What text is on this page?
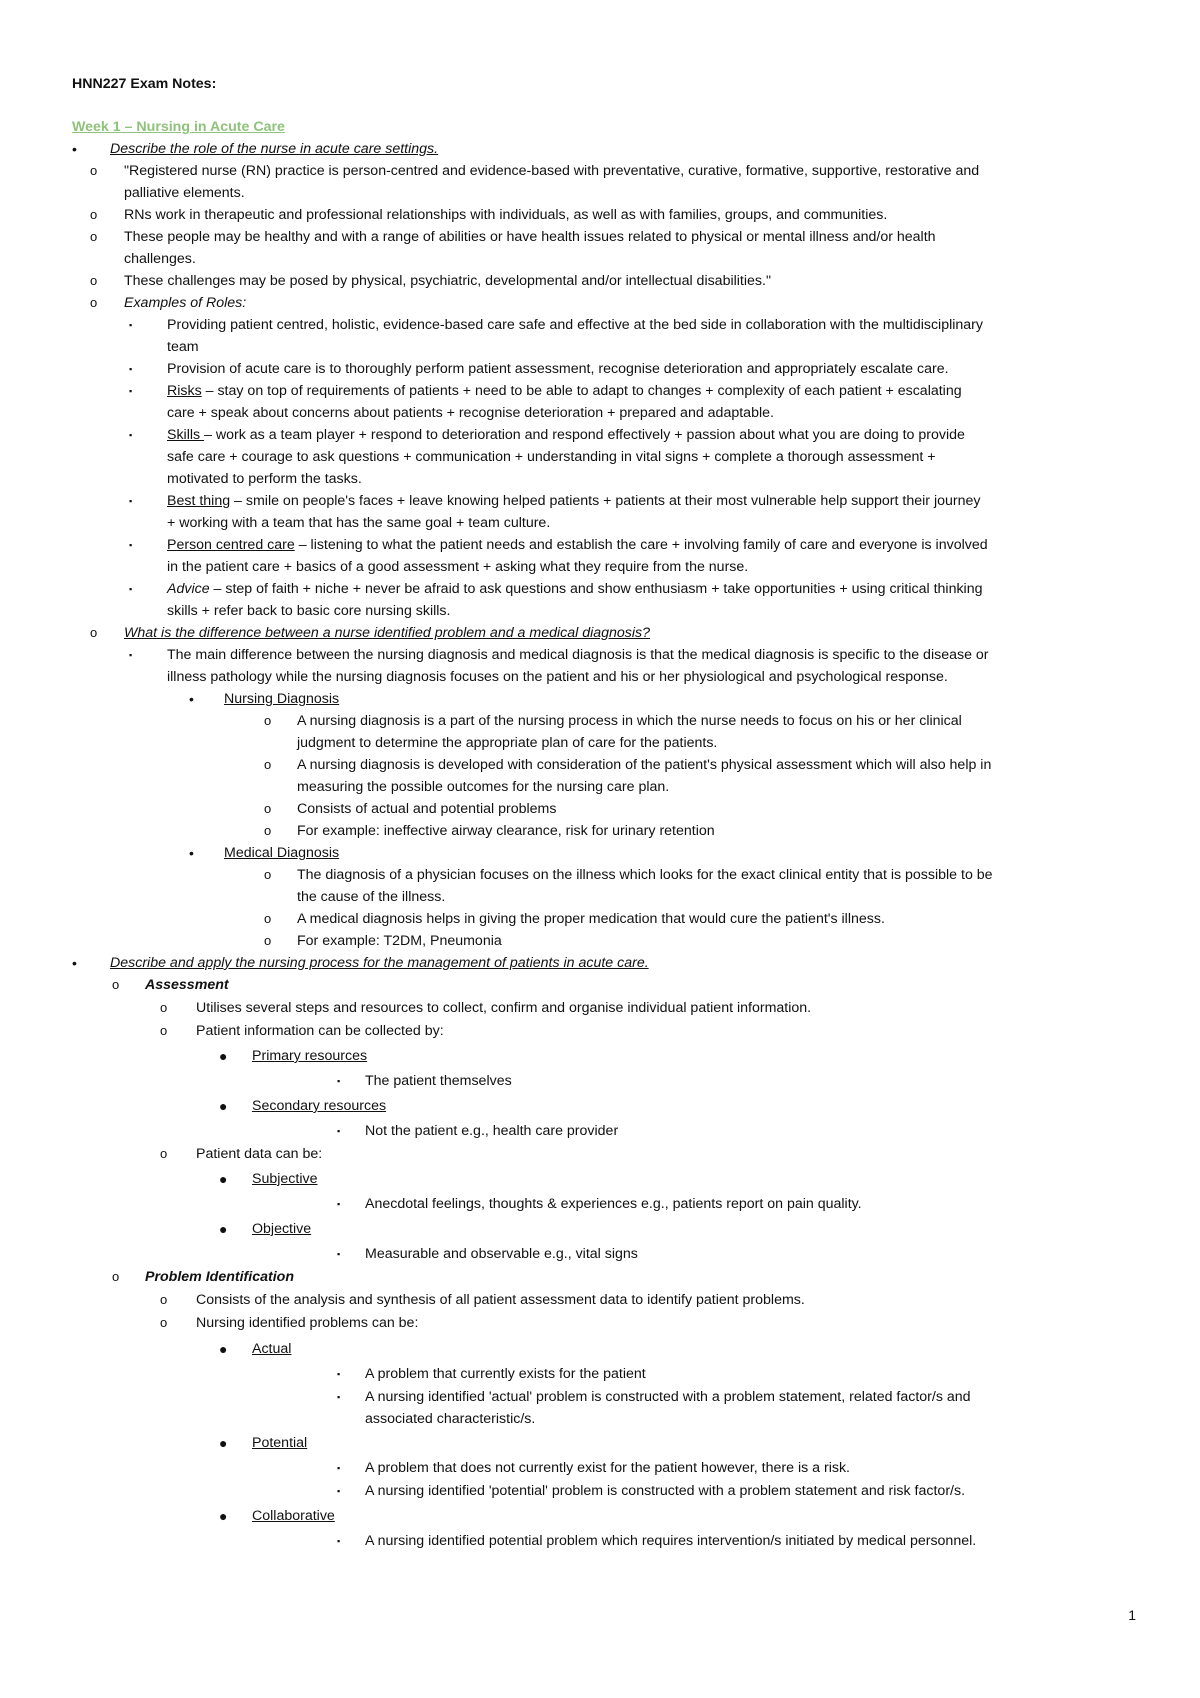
HNN227 Exam Notes:
Week 1 – Nursing in Acute Care
• Describe the role of the nurse in acute care settings.
o "Registered nurse (RN) practice is person-centred and evidence-based with preventative, curative, formative, supportive, restorative and
palliative elements.
o RNs work in therapeutic and professional relationships with individuals, as well as with families, groups, and communities.
o These people may be healthy and with a range of abilities or have health issues related to physical or mental illness and/or health
challenges.
o These challenges may be posed by physical, psychiatric, developmental and/or intellectual disabilities."
o Examples of Roles:
▪ Providing patient centred, holistic, evidence-based care safe and effective at the bed side in collaboration with the multidisciplinary
team
▪ Provision of acute care is to thoroughly perform patient assessment, recognise deterioration and appropriately escalate care.
▪ Risks – stay on top of requirements of patients + need to be able to adapt to changes + complexity of each patient + escalating
care + speak about concerns about patients + recognise deterioration + prepared and adaptable.
▪ Skills – work as a team player + respond to deterioration and respond effectively + passion about what you are doing to provide
safe care + courage to ask questions + communication + understanding in vital signs + complete a thorough assessment +
motivated to perform the tasks.
▪ Best thing – smile on people's faces + leave knowing helped patients + patients at their most vulnerable help support their journey
+ working with a team that has the same goal + team culture.
▪ Person centred care – listening to what the patient needs and establish the care + involving family of care and everyone is involved
in the patient care + basics of a good assessment + asking what they require from the nurse.
▪ Advice – step of faith + niche + never be afraid to ask questions and show enthusiasm + take opportunities + using critical thinking
skills + refer back to basic core nursing skills.
o What is the difference between a nurse identified problem and a medical diagnosis?
▪ The main difference between the nursing diagnosis and medical diagnosis is that the medical diagnosis is specific to the disease or
illness pathology while the nursing diagnosis focuses on the patient and his or her physiological and psychological response.
• Nursing Diagnosis
o A nursing diagnosis is a part of the nursing process in which the nurse needs to focus on his or her clinical
judgment to determine the appropriate plan of care for the patients.
o A nursing diagnosis is developed with consideration of the patient's physical assessment which will also help in
measuring the possible outcomes for the nursing care plan.
o Consists of actual and potential problems
o For example: ineffective airway clearance, risk for urinary retention
• Medical Diagnosis
o The diagnosis of a physician focuses on the illness which looks for the exact clinical entity that is possible to be
the cause of the illness.
o A medical diagnosis helps in giving the proper medication that would cure the patient's illness.
o For example: T2DM, Pneumonia
• Describe and apply the nursing process for the management of patients in acute care.
o Assessment
o Utilises several steps and resources to collect, confirm and organise individual patient information.
o Patient information can be collected by:
● Primary resources
▪ The patient themselves
● Secondary resources
▪ Not the patient e.g., health care provider
o Patient data can be:
● Subjective
▪ Anecdotal feelings, thoughts & experiences e.g., patients report on pain quality.
● Objective
▪ Measurable and observable e.g., vital signs
o Problem Identification
o Consists of the analysis and synthesis of all patient assessment data to identify patient problems.
o Nursing identified problems can be:
● Actual
▪ A problem that currently exists for the patient
▪ A nursing identified 'actual' problem is constructed with a problem statement, related factor/s and
associated characteristic/s.
● Potential
▪ A problem that does not currently exist for the patient however, there is a risk.
▪ A nursing identified 'potential' problem is constructed with a problem statement and risk factor/s.
● Collaborative
▪ A nursing identified potential problem which requires intervention/s initiated by medical personnel.
1
